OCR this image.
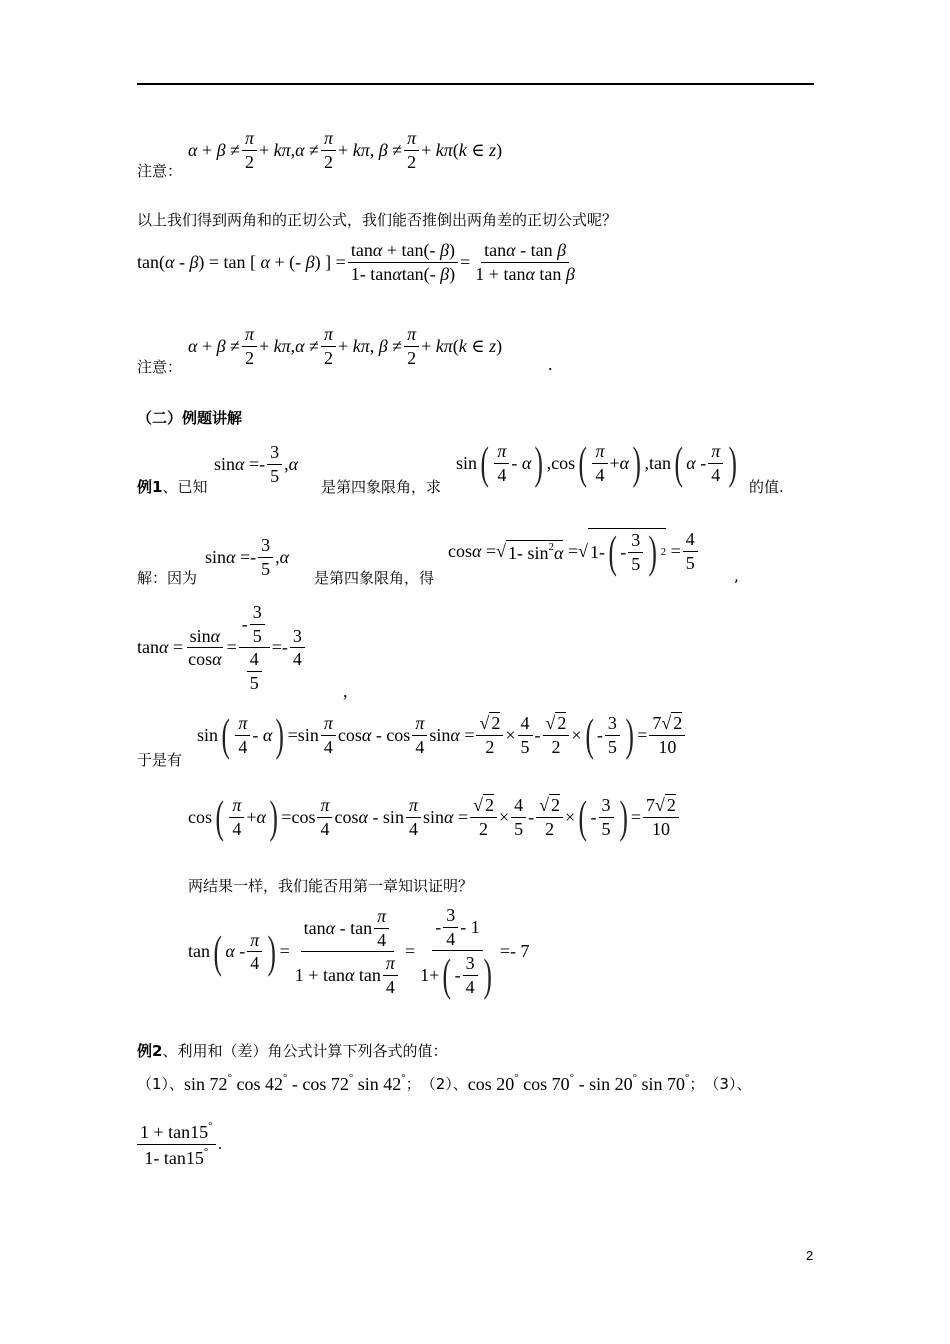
注意：
$\alpha + \beta \ne \frac{\pi}{2} + k\pi$ , $\alpha \ne \frac{\pi}{2} + k\pi$ , $\beta \ne \frac{\pi}{2} + k\pi$ ( k ∈ z )
以上我们得到两角和的正切公式，我们能否推倒出两角差的正切公式呢？
tan( α - β ) = tan [ α + (- β ) ] = $\frac{\tan\alpha + \tan(- \beta)}{1- \tan\alpha\tan(- \beta)} = \frac{\text{tanα - tan β}}{\text{1 + tanα tan β}}$
注意：
$\alpha + \beta \ne \frac{\pi}{2} + k\pi$ , $\alpha \ne \frac{\pi}{2} + k\pi$ , $\beta \ne \frac{\pi}{2} + k\pi$ ( k ∈ z )
.
（二）例题讲解
例1、已知
$\sin \alpha =- \frac{3}{5}$ , α
是第四象限角，求
sin ( $\frac{\pi}{4}$ - α ) ,cos ( $\frac{\pi}{4} + \alpha$ ) ,tan ( α - $\frac{\pi}{4}$ ) 的值.
解：因为
$\sin \alpha =- \frac{3}{5}$ , α
是第四象限角，得
cos α =√ 1- $\sin^2\alpha$ =√ 1- ( - $\frac{3}{5}$ ) $2 = \frac{4}{5}$
,
$\tan \alpha = \frac{\sin\alpha}{\cos\alpha} = \frac{- \frac{3}{5}}{\frac{4}{5}} =- \frac{3}{4}$
,
于是有
sin ( $\frac{\pi}{4}$ - α ) $=\sin \frac{\pi}{4}$ cos α - $\cos \frac{\pi}{4}$ $\sin \alpha = \frac{√ 2}{2} \times \frac{4}{5} - \frac{√ 2}{2}$ × ( - $\frac{3}{5}$ ) = $\frac{7√ 2}{10}$
cos ( $\frac{\pi}{4} + \alpha$ ) $=\cos \frac{\pi}{4}$ cos α - $\sin \frac{\pi}{4}$ $\sin \alpha = \frac{√ 2}{2} \times \frac{4}{5} - \frac{√ 2}{2}$ × ( - $\frac{3}{5}$ ) = $\frac{7√ 2}{10}$
两结果一样，我们能否用第一章知识证明？
tan ( α - $\frac{\pi}{4}$ ) = $\frac{\tan \alpha - \tan \frac{\pi}{4}}{1 + \tan \alpha \tan \frac{\pi}{4}} = \frac{- \frac{3}{4} - 1}{1+ ( - \frac{3}{4} )} =- 7$
例2、利用和（差）角公式计算下列各式的值：
（1）、 sin 72° cos 42° - cos 72° sin 42° ； （2）、 cos 20° cos 70° - sin 20° sin 70° ； （3）、
$\frac{1 + \tan 15^\circ}{1- \tan 15^\circ}$ .
2
